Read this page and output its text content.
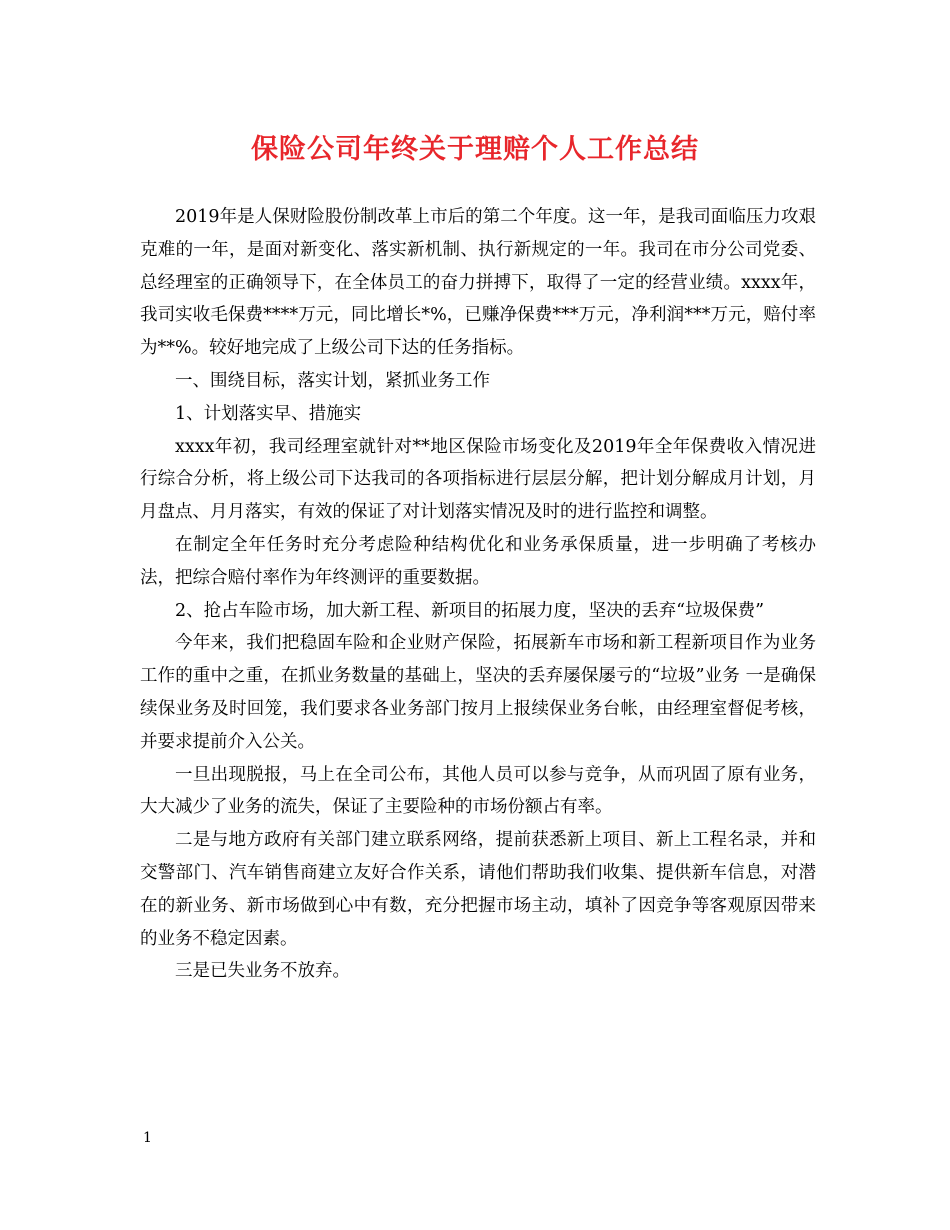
保险公司年终关于理赔个人工作总结

2019年是人保财险股份制改革上市后的第二个年度。这一年，是我司面临压力攻艰克难的一年，是面对新变化、落实新机制、执行新规定的一年。我司在市分公司党委、总经理室的正确领导下，在全体员工的奋力拼搏下，取得了一定的经营业绩。xxxx年，我司实收毛保费****万元，同比增长*%，已赚净保费***万元，净利润***万元，赔付率为**%。较好地完成了上级公司下达的任务指标。

一、围绕目标，落实计划，紧抓业务工作

1、计划落实早、措施实

xxxx年初，我司经理室就针对**地区保险市场变化及2019年全年保费收入情况进行综合分析，将上级公司下达我司的各项指标进行层层分解，把计划分解成月计划，月月盘点、月月落实，有效的保证了对计划落实情况及时的进行监控和调整。

在制定全年任务时充分考虑险种结构优化和业务承保质量，进一步明确了考核办法，把综合赔付率作为年终测评的重要数据。

2、抢占车险市场，加大新工程、新项目的拓展力度，坚决的丢弃“垃圾保费”

今年来，我们把稳固车险和企业财产保险，拓展新车市场和新工程新项目作为业务工作的重中之重，在抓业务数量的基础上，坚决的丢弃屡保屡亏的“垃圾”业务 一是确保续保业务及时回笼，我们要求各业务部门按月上报续保业务台帐，由经理室督促考核，并要求提前介入公关。

一旦出现脱报，马上在全司公布，其他人员可以参与竞争，从而巩固了原有业务，大大减少了业务的流失，保证了主要险种的市场份额占有率。

二是与地方政府有关部门建立联系网络，提前获悉新上项目、新上工程名录，并和交警部门、汽车销售商建立友好合作关系，请他们帮助我们收集、提供新车信息，对潜在的新业务、新市场做到心中有数，充分把握市场主动，填补了因竞争等客观原因带来的业务不稳定因素。

三是已失业务不放弃。

1
